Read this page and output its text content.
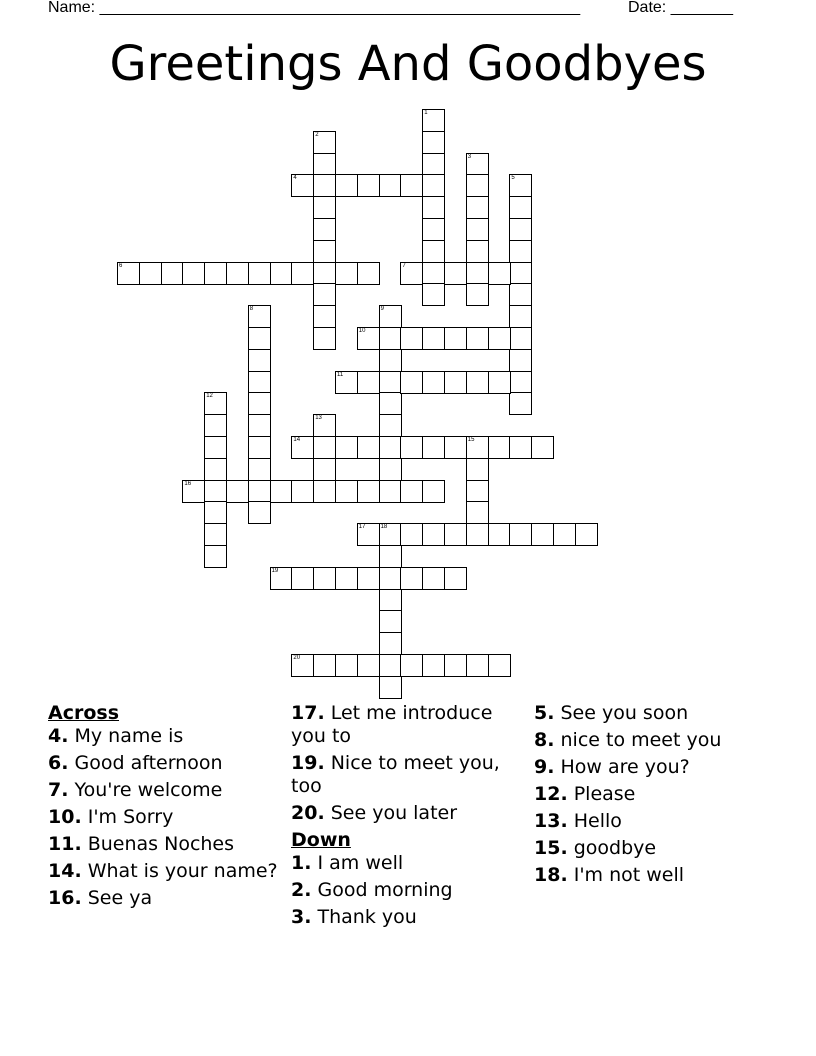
Name: ______________________________________________________	Date: _______
Greetings And Goodbyes
1
2
3
4	5
6	7
8	9
10
11
12
13
14	15
16
17	18
19
20
Across
4. My name is
6. Good afternoon
7. You're welcome
10. I'm Sorry
11. Buenas Noches
14. What is your name?
16. See ya
17. Let me introduce you to
19. Nice to meet you, too
20. See you later
Down
1. I am well
2. Good morning
3. Thank you
5. See you soon
8. nice to meet you
9. How are you?
12. Please
13. Hello
15. goodbye
18. I'm not well
